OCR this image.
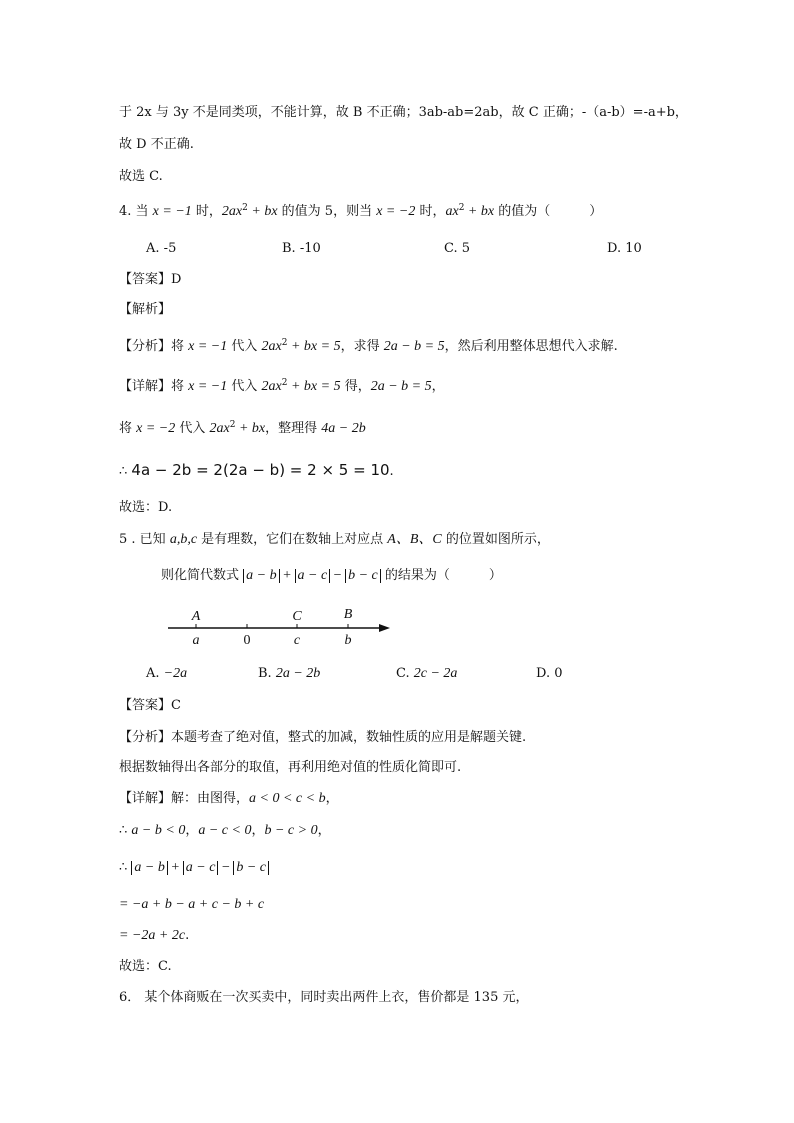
于 2x 与 3y 不是同类项，不能计算，故 B 不正确；3ab-ab=2ab，故 C 正确；-（a-b）=-a+b，
故 D 不正确.
故选 C.
4. 当 x = −1 时，$2ax^2$ + bx 的值为 5，则当 x = −2 时，$ax^2$ + bx 的值为（　　　）
A. -5	B. -10	C. 5	D. 10
【答案】D
【解析】
【分析】将 x = −1 代入 $2ax^2$ + bx = 5，求得 2a − b = 5，然后利用整体思想代入求解.
【详解】将 x = −1 代入 $2ax^2$ + bx = 5 得，2a − b = 5，
将 x = −2 代入 $2ax^2$ + bx，整理得 4a − 2b
∴ 4a − 2b = 2(2a − b) = 2 × 5 = 10.
故选：D.
5 . 已知 a,b,c 是有理数，它们在数轴上对应点 A、B、C 的位置如图所示，
则化简代数式 a − b + a − c − b − c 的结果为（　　　）
A	C	B
a	0	c	b
A. −2a	B. 2a − 2b	C. 2c − 2a	D. 0
【答案】C
【分析】本题考查了绝对值，整式的加减，数轴性质的应用是解题关键.
根据数轴得出各部分的取值，再利用绝对值的性质化简即可.
【详解】解：由图得，a < 0 < c < b，
∴ a − b < 0，a − c < 0，b − c > 0，
∴ a − b + a − c − b − c
= −a + b − a + c − b + c
= −2a + 2c.
故选：C.
6． 某个体商贩在一次买卖中，同时卖出两件上衣，售价都是 135 元，
